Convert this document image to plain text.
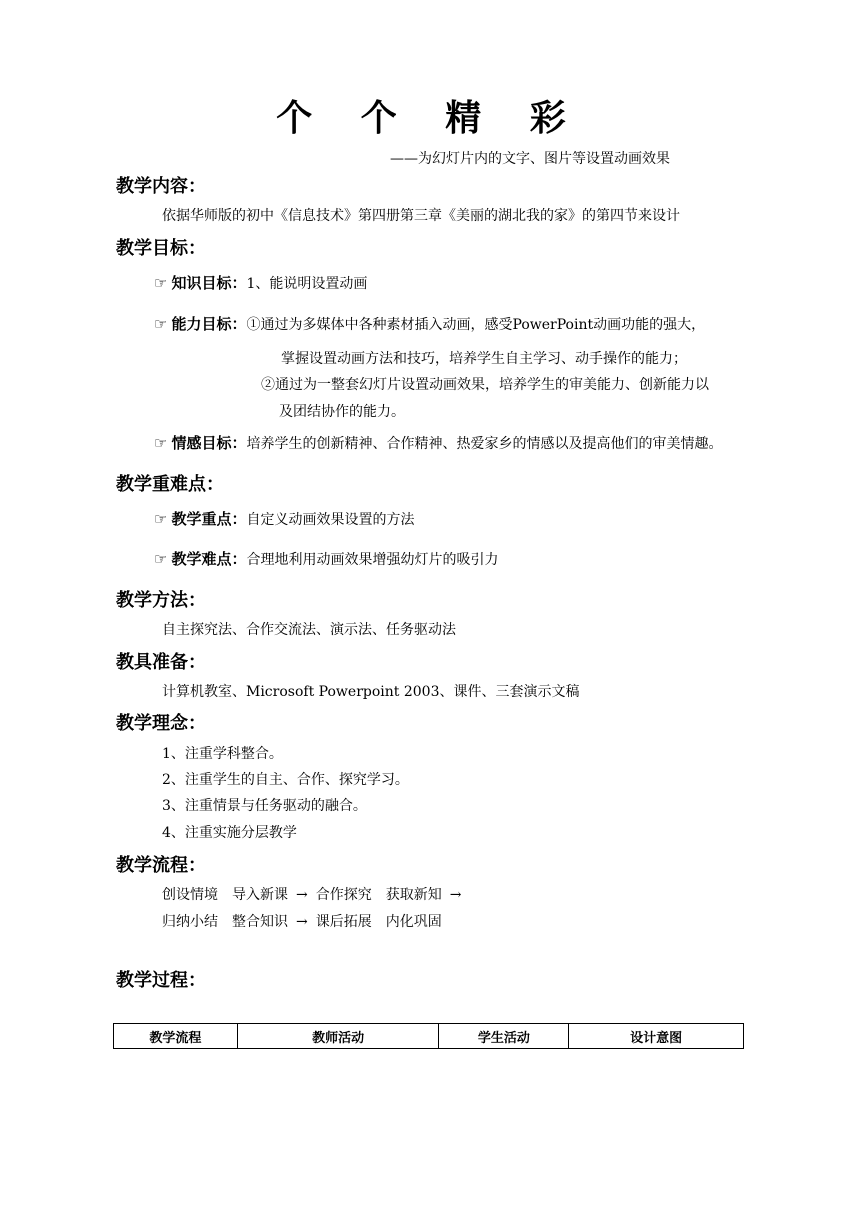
个 个 精 彩
——为幻灯片内的文字、图片等设置动画效果
教学内容：
依据华师版的初中《信息技术》第四册第三章《美丽的湖北我的家》的第四节来设计
教学目标：
☞ 知识目标：1、能说明设置动画
☞ 能力目标：①通过为多媒体中各种素材插入动画，感受PowerPoint动画功能的强大，
掌握设置动画方法和技巧，培养学生自主学习、动手操作的能力；
②通过为一整套幻灯片设置动画效果，培养学生的审美能力、创新能力以
及团结协作的能力。
☞ 情感目标：培养学生的创新精神、合作精神、热爱家乡的情感以及提高他们的审美情趣。
教学重难点：
☞ 教学重点：自定义动画效果设置的方法
☞ 教学难点：合理地利用动画效果增强幼灯片的吸引力
教学方法：
自主探究法、合作交流法、演示法、任务驱动法
教具准备：
计算机教室、Microsoft Powerpoint 2003、课件、三套演示文稿
教学理念：
1、注重学科整合。
2、注重学生的自主、合作、探究学习。
3、注重情景与任务驱动的融合。
4、注重实施分层教学
教学流程：
创设情境　导入新课 → 合作探究　获取新知 →
归纳小结　整合知识 → 课后拓展　内化巩固
教学过程：
教学流程	教师活动	学生活动	设计意图
